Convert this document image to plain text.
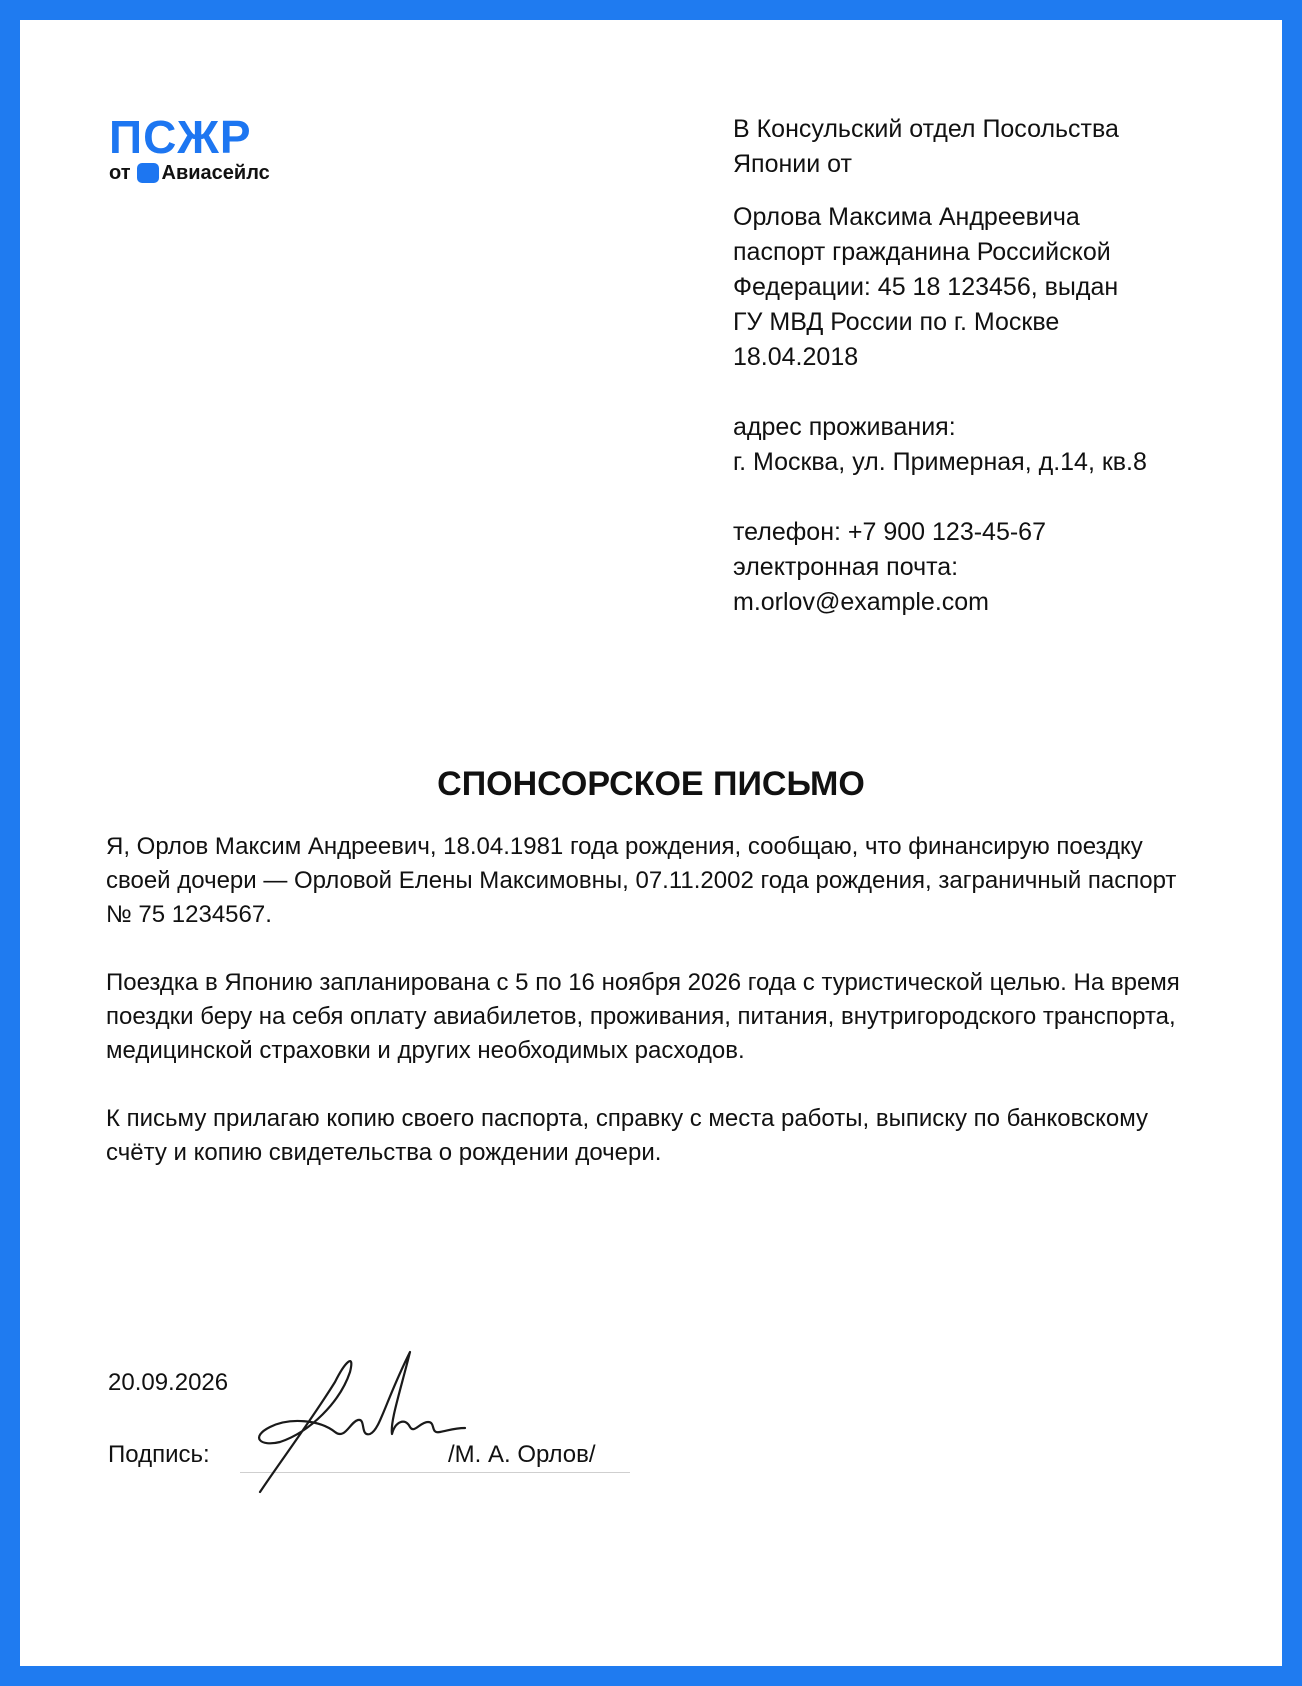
ПСЖР
от Авиасейлс
В Консульский отдел Посольства
Японии от
Орлова Максима Андреевича
паспорт гражданина Российской
Федерации: 45 18 123456, выдан
ГУ МВД России по г. Москве
18.04.2018
адрес проживания:
г. Москва, ул. Примерная, д.14, кв.8
телефон: +7 900 123-45-67
электронная почта:
m.orlov@example.com
СПОНСОРСКОЕ ПИСЬМО

Я, Орлов Максим Андреевич, 18.04.1981 года рождения, сообщаю, что финансирую поездку своей дочери — Орловой Елены Максимовны, 07.11.2002 года рождения, заграничный паспорт № 75 1234567.

Поездка в Японию запланирована с 5 по 16 ноября 2026 года с туристической целью. На время поездки беру на себя оплату авиабилетов, проживания, питания, внутригородского транспорта, медицинской страховки и других необходимых расходов.

К письму прилагаю копию своего паспорта, справку с места работы, выписку по банковскому счёту и копию свидетельства о рождении дочери.

20.09.2026
Подпись:	/М. А. Орлов/
